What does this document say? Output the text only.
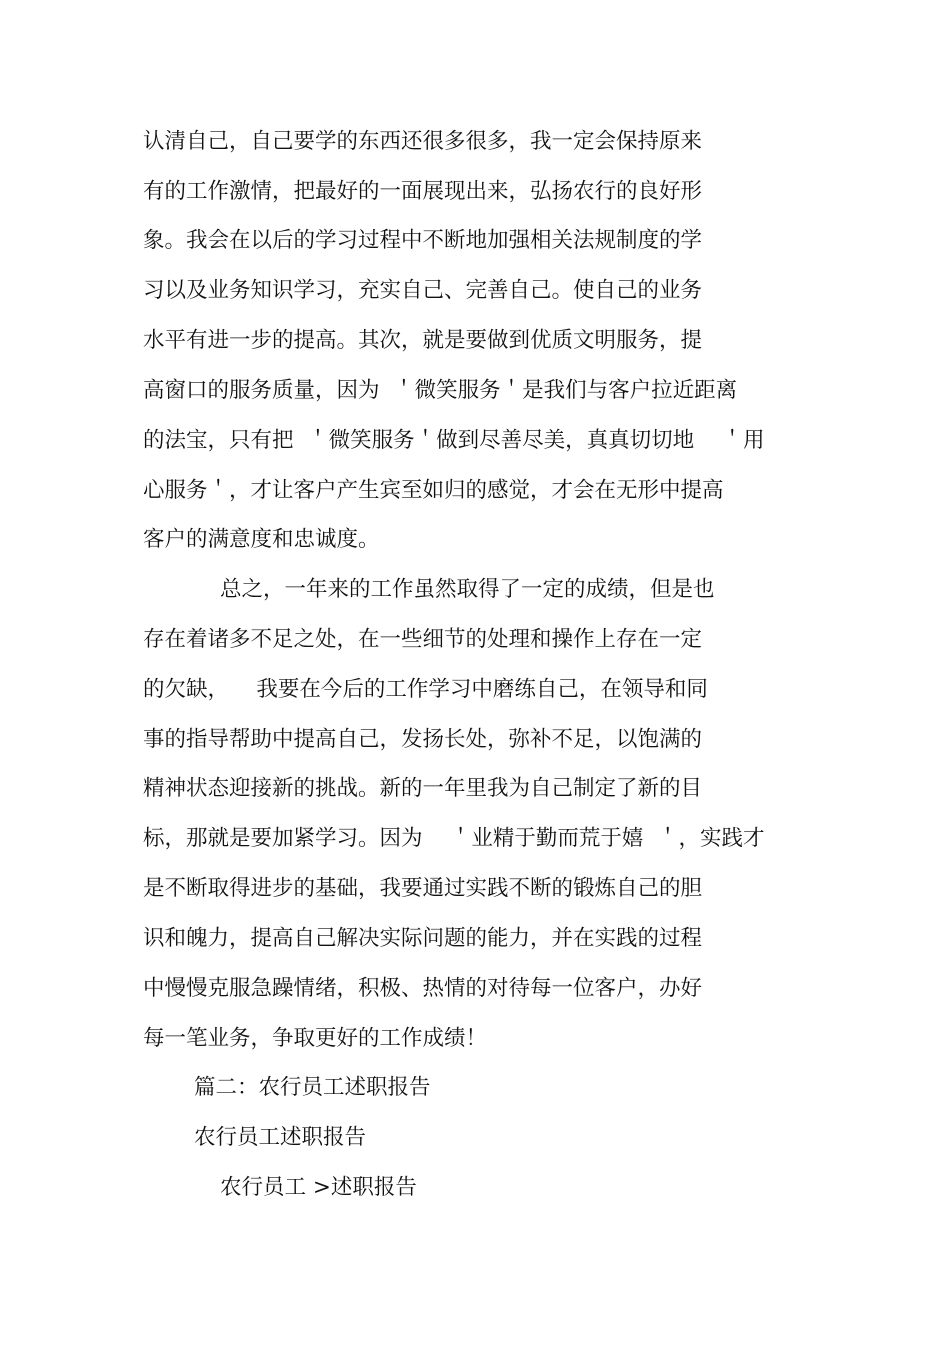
认清自己，自己要学的东西还很多很多，我一定会保持原来

有的工作激情，把最好的一面展现出来，弘扬农行的良好形

象。我会在以后的学习过程中不断地加强相关法规制度的学

习以及业务知识学习，充实自己、完善自己。使自己的业务

水平有进一步的提高。其次，就是要做到优质文明服务，提

高窗口的服务质量，因为  ＇微笑服务＇是我们与客户拉近距离

的法宝，只有把  ＇微笑服务＇做到尽善尽美，真真切切地    ＇用

心服务＇，才让客户产生宾至如归的感觉，才会在无形中提高

客户的满意度和忠诚度。

总之，一年来的工作虽然取得了一定的成绩，但是也

存在着诸多不足之处，在一些细节的处理和操作上存在一定

的欠缺，    我要在今后的工作学习中磨练自己，在领导和同

事的指导帮助中提高自己，发扬长处，弥补不足，以饱满的

精神状态迎接新的挑战。新的一年里我为自己制定了新的目

标，那就是要加紧学习。因为    ＇业精于勤而荒于嬉  ＇，实践才

是不断取得进步的基础，我要通过实践不断的锻炼自己的胆

识和魄力，提高自己解决实际问题的能力，并在实践的过程

中慢慢克服急躁情绪，积极、热情的对待每一位客户，办好

每一笔业务，争取更好的工作成绩！

篇二：农行员工述职报告

农行员工述职报告

农行员工 >述职报告
